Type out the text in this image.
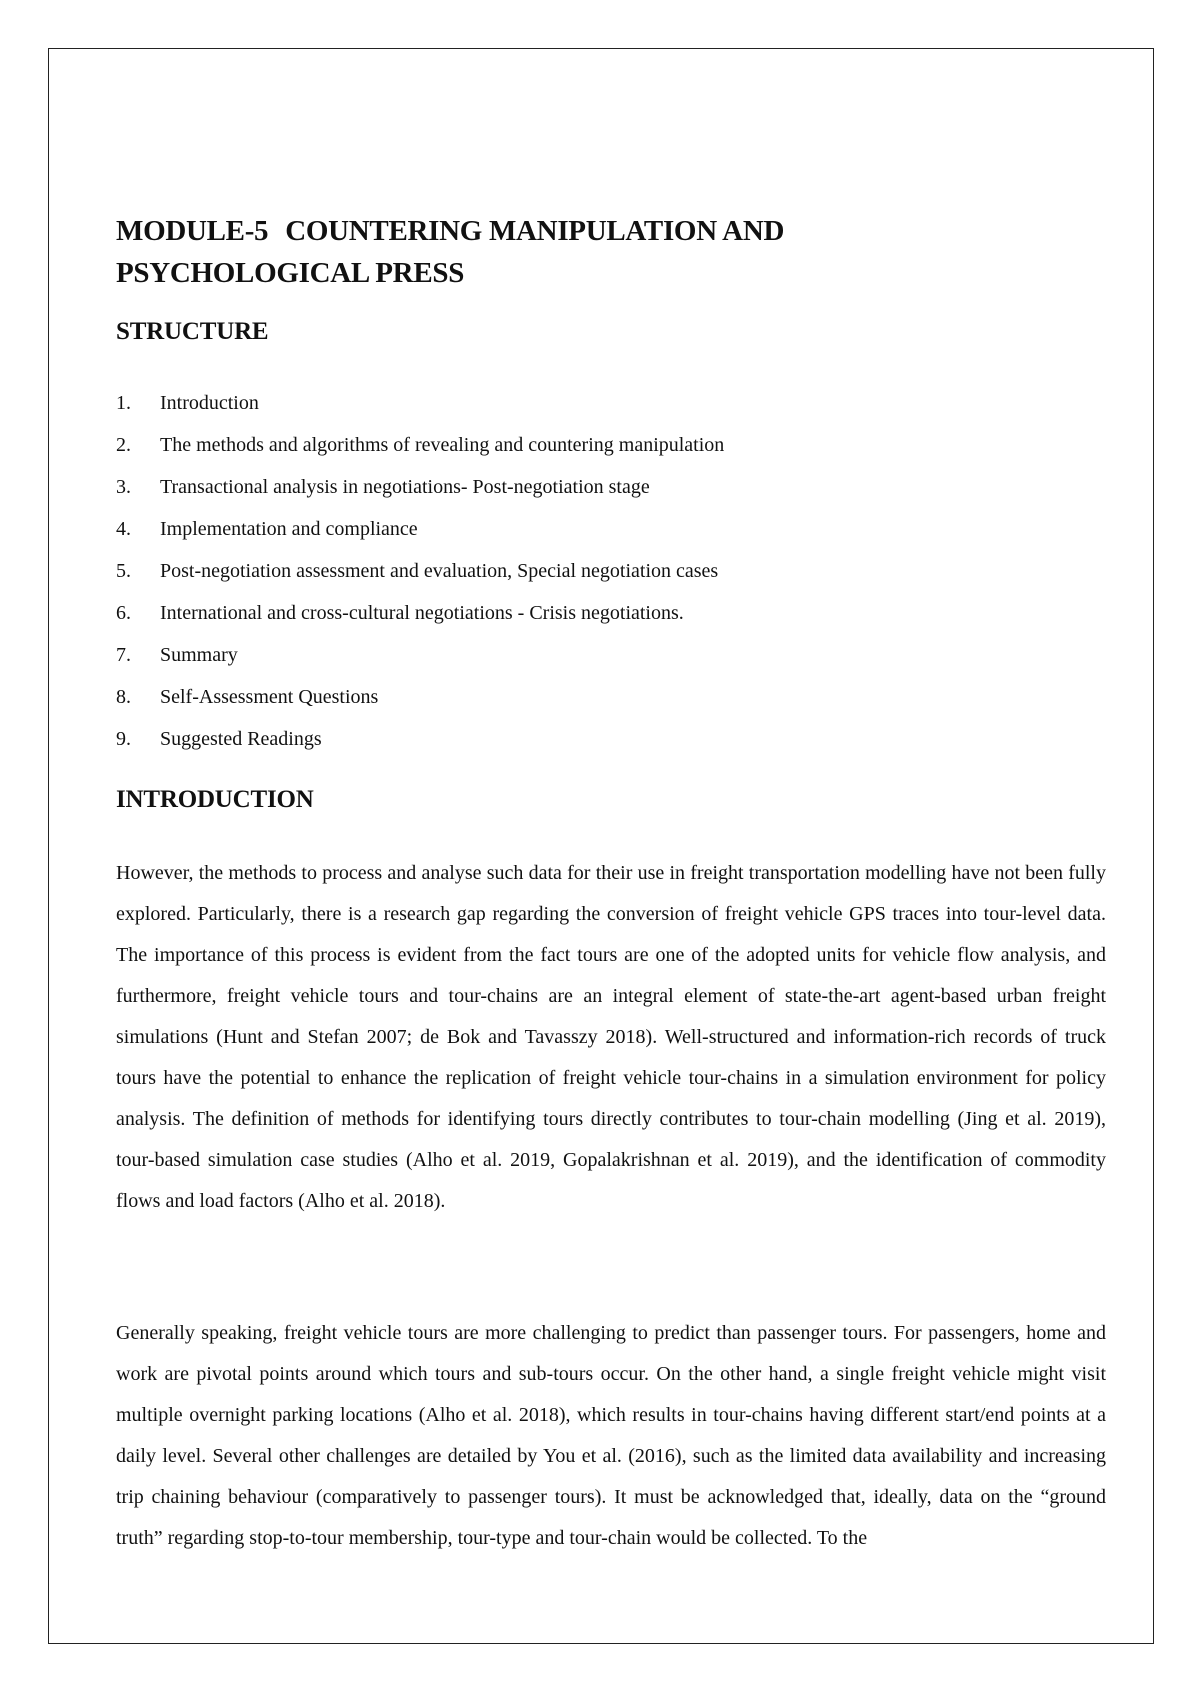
MODULE-5 COUNTERING MANIPULATION AND
PSYCHOLOGICAL PRESS
STRUCTURE
1.	Introduction
2.	The methods and algorithms of revealing and countering manipulation
3.	Transactional analysis in negotiations- Post-negotiation stage
4.	Implementation and compliance
5.	Post-negotiation assessment and evaluation, Special negotiation cases
6.	International and cross-cultural negotiations - Crisis negotiations.
7.	Summary
8.	Self-Assessment Questions
9.	Suggested Readings
INTRODUCTION

However, the methods to process and analyse such data for their use in freight transportation modelling have not been fully explored. Particularly, there is a research gap regarding the conversion of freight vehicle GPS traces into tour-level data. The importance of this process is evident from the fact tours are one of the adopted units for vehicle flow analysis, and furthermore, freight vehicle tours and tour-chains are an integral element of state-the-art agent-based urban freight simulations (Hunt and Stefan 2007; de Bok and Tavasszy 2018). Well-structured and information-rich records of truck tours have the potential to enhance the replication of freight vehicle tour-chains in a simulation environment for policy analysis. The definition of methods for identifying tours directly contributes to tour-chain modelling (Jing et al. 2019), tour-based simulation case studies (Alho et al. 2019, Gopalakrishnan et al. 2019), and the identification of commodity flows and load factors (Alho et al. 2018).

Generally speaking, freight vehicle tours are more challenging to predict than passenger tours. For passengers, home and work are pivotal points around which tours and sub-tours occur. On the other hand, a single freight vehicle might visit multiple overnight parking locations (Alho et al. 2018), which results in tour-chains having different start/end points at a daily level. Several other challenges are detailed by You et al. (2016), such as the limited data availability and increasing trip chaining behaviour (comparatively to passenger tours). It must be acknowledged that, ideally, data on the “ground truth” regarding stop-to-tour membership, tour-type and tour-chain would be collected. To the
